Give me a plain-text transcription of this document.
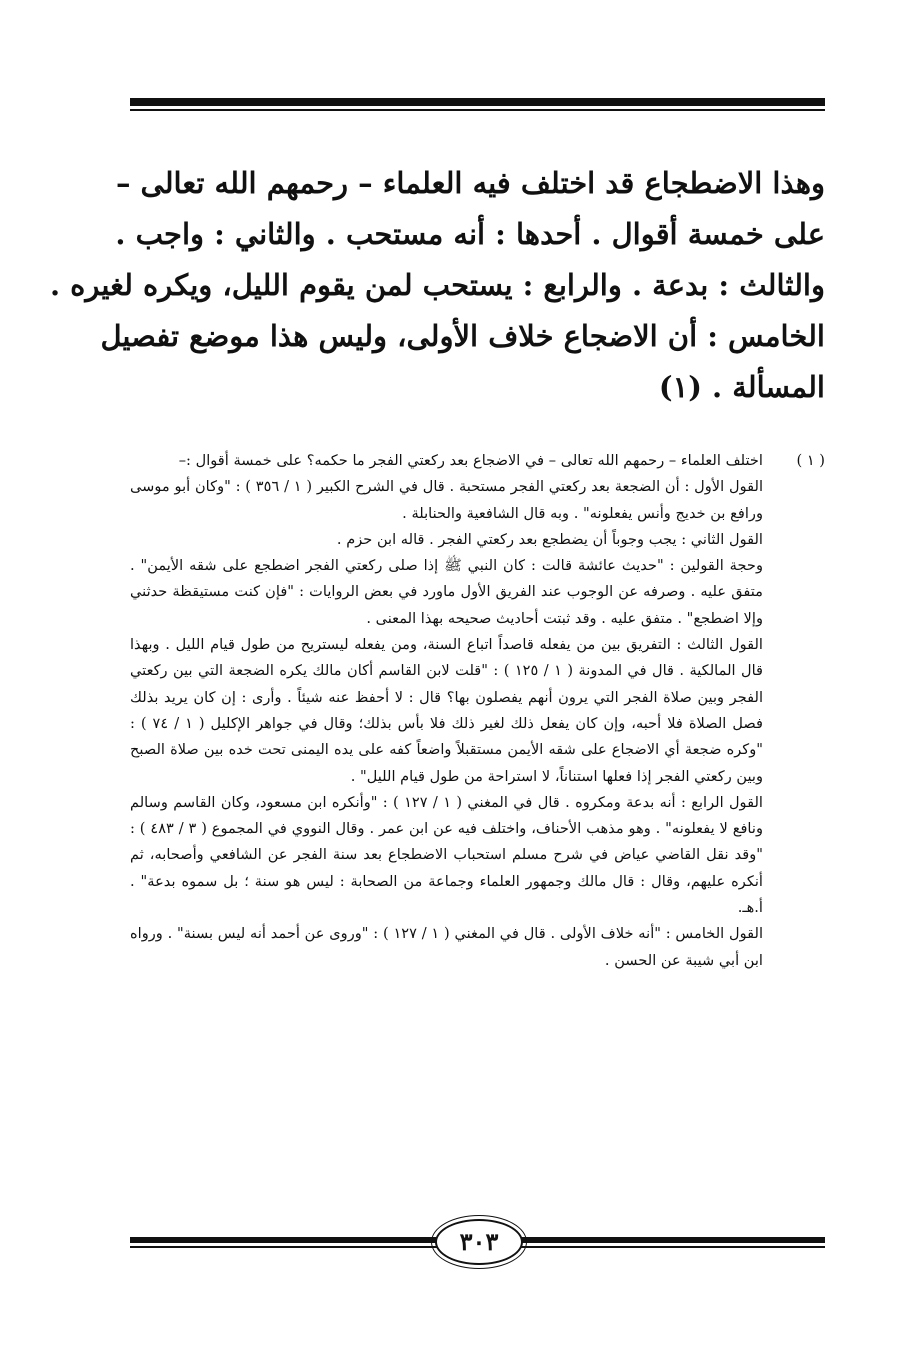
وهذا الاضطجاع قد اختلف فيه العلماء – رحمهم الله تعالى –
على خمسة أقوال . أحدها : أنه مستحب . والثاني : واجب .
والثالث : بدعة . والرابع : يستحب لمن يقوم الليل، ويكره لغيره .
الخامس : أن الاضجاع خلاف الأولى، وليس هذا موضع تفصيل
المسألة . (١)
( ١ )
اختلف العلماء – رحمهم الله تعالى – في الاضجاع بعد ركعتي الفجر ما حكمه؟ على خمسة أقوال :–
القول الأول : أن الضجعة بعد ركعتي الفجر مستحبة . قال في الشرح الكبير ( ١ / ٣٥٦ ) : "وكان أبو موسى ورافع بن خديج وأنس يفعلونه" . وبه قال الشافعية والحنابلة .
القول الثاني : يجب وجوباً أن يضطجع بعد ركعتي الفجر . قاله ابن حزم .
وحجة القولين : "حديث عائشة قالت : كان النبي ﷺ إذا صلى ركعتي الفجر اضطجع على شقه الأيمن" . متفق عليه . وصرفه عن الوجوب عند الفريق الأول ماورد في بعض الروايات : "فإن كنت مستيقظة حدثني وإلا اضطجع" . متفق عليه . وقد ثبتت أحاديث صحيحه بهذا المعنى .
القول الثالث : التفريق بين من يفعله قاصداً اتباع السنة، ومن يفعله ليستريح من طول قيام الليل . وبهذا قال المالكية . قال في المدونة ( ١ / ١٢٥ ) : "قلت لابن القاسم أكان مالك يكره الضجعة التي بين ركعتي الفجر وبين صلاة الفجر التي يرون أنهم يفصلون بها؟ قال : لا أحفظ عنه شيئاً . وأرى : إن كان يريد بذلك فصل الصلاة فلا أحبه، وإن كان يفعل ذلك لغير ذلك فلا بأس بذلك؛ وقال في جواهر الإكليل ( ١ / ٧٤ ) : "وكره ضجعة أي الاضجاع على شقه الأيمن مستقبلاً واضعاً كفه على يده اليمنى تحت خده بين صلاة الصبح وبين ركعتي الفجر إذا فعلها استناناً، لا استراحة من طول قيام الليل" .
القول الرابع : أنه بدعة ومكروه . قال في المغني ( ١ / ١٢٧ ) : "وأنكره ابن مسعود، وكان القاسم وسالم ونافع لا يفعلونه" . وهو مذهب الأحناف، واختلف فيه عن ابن عمر . وقال النووي في المجموع ( ٣ / ٤٨٣ ) : "وقد نقل القاضي عياض في شرح مسلم استحباب الاضطجاع بعد سنة الفجر عن الشافعي وأصحابه، ثم أنكره عليهم، وقال : قال مالك وجمهور العلماء وجماعة من الصحابة : ليس هو سنة ؛ بل سموه بدعة" . أ.هـ.
القول الخامس : "أنه خلاف الأولى . قال في المغني ( ١ / ١٢٧ ) : "وروى عن أحمد أنه ليس بسنة" . ورواه ابن أبي شيبة عن الحسن .
٣٠٣
